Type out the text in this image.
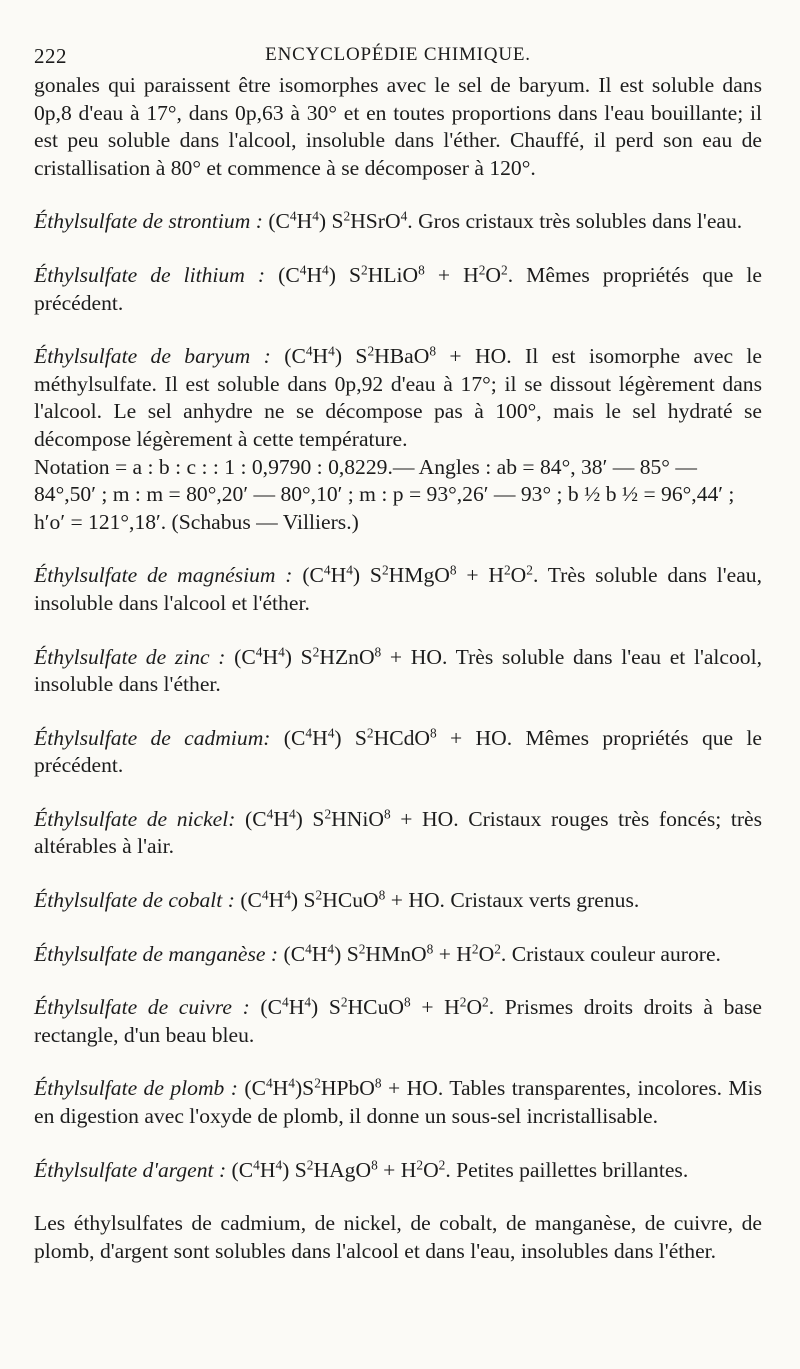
222	ENCYCLOPÉDIE CHIMIQUE.

gonales qui paraissent être isomorphes avec le sel de baryum. Il est soluble dans 0p,8 d'eau à 17°, dans 0p,63 à 30° et en toutes proportions dans l'eau bouillante; il est peu soluble dans l'alcool, insoluble dans l'éther. Chauffé, il perd son eau de cristallisation à 80° et commence à se décomposer à 120°.

Éthylsulfate de strontium : $(C^4H^4)$ $S^2HSrO^4$. Gros cristaux très solubles dans l'eau.

Éthylsulfate de lithium : $(C^4H^4)$ $S^2HLiO^8 + H^2O^2$. Mêmes propriétés que le précédent.

Éthylsulfate de baryum : $(C^4H^4)$ $S^2HBaO^8$ + HO. Il est isomorphe avec le méthylsulfate. Il est soluble dans 0p,92 d'eau à 17°; il se dissout légèrement dans l'alcool. Le sel anhydre ne se décompose pas à 100°, mais le sel hydraté se décompose légèrement à cette température.

Notation = a : b : c : : 1 : 0,9790 : 0,8229.— Angles : ab = 84°, 38′ — 85° —

84°,50′ ; m : m = 80°,20′ — 80°,10′ ; m : p = 93°,26′ — 93° ; b ½ b ½ = 96°,44′ ;

h′o′ = 121°,18′. (Schabus — Villiers.)

Éthylsulfate de magnésium : $(C^4H^4)$ $S^2HMgO^8 + H^2O^2$. Très soluble dans l'eau, insoluble dans l'alcool et l'éther.

Éthylsulfate de zinc : $(C^4H^4)$ $S^2HZnO^8$ + HO. Très soluble dans l'eau et l'alcool, insoluble dans l'éther.

Éthylsulfate de cadmium: $(C^4H^4)$ $S^2HCdO^8$ + HO. Mêmes propriétés que le précédent.

Éthylsulfate de nickel: $(C^4H^4)$ $S^2HNiO^8$ + HO. Cristaux rouges très foncés; très altérables à l'air.

Éthylsulfate de cobalt : $(C^4H^4)$ $S^2HCuO^8$ + HO. Cristaux verts grenus.

Éthylsulfate de manganèse : $(C^4H^4)$ $S^2HMnO^8 + H^2O^2$. Cristaux couleur aurore.

Éthylsulfate de cuivre : $(C^4H^4)$ $S^2HCuO^8 + H^2O^2$. Prismes droits droits à base rectangle, d'un beau bleu.

Éthylsulfate de plomb : $(C^4H^4)S^2HPbO^8$ + HO. Tables transparentes, incolores. Mis en digestion avec l'oxyde de plomb, il donne un sous-sel incristallisable.

Éthylsulfate d'argent : $(C^4H^4)$ $S^2HAgO^8 + H^2O^2$. Petites paillettes brillantes.

Les éthylsulfates de cadmium, de nickel, de cobalt, de manganèse, de cuivre, de plomb, d'argent sont solubles dans l'alcool et dans l'eau, insolubles dans l'éther.
